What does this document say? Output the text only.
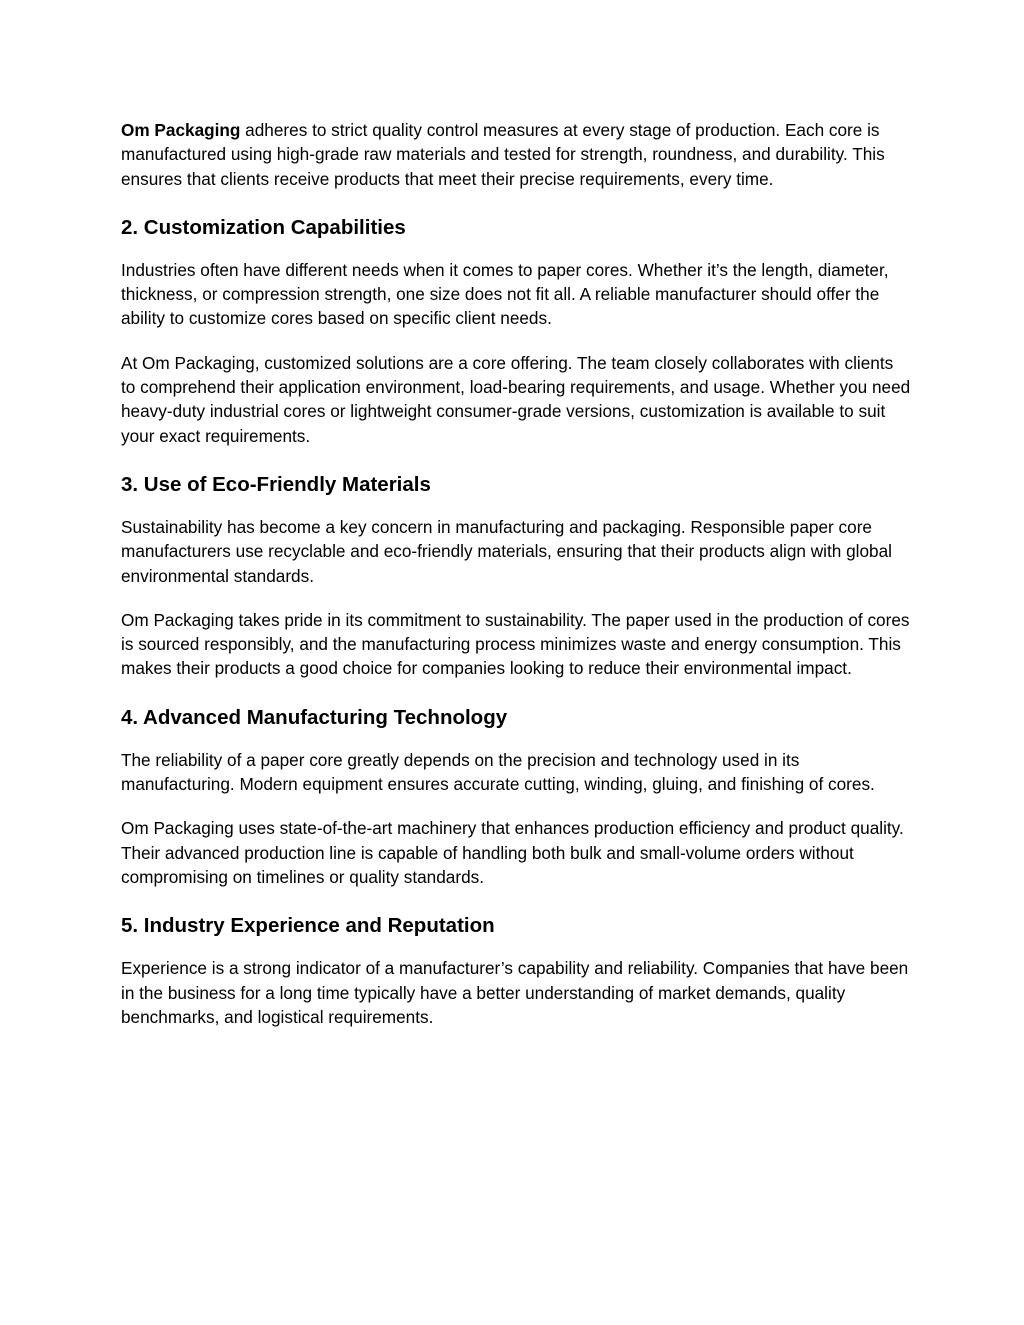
Om Packaging adheres to strict quality control measures at every stage of production. Each core is manufactured using high-grade raw materials and tested for strength, roundness, and durability. This ensures that clients receive products that meet their precise requirements, every time.

2. Customization Capabilities

Industries often have different needs when it comes to paper cores. Whether it’s the length, diameter, thickness, or compression strength, one size does not fit all. A reliable manufacturer should offer the ability to customize cores based on specific client needs.

At Om Packaging, customized solutions are a core offering. The team closely collaborates with clients to comprehend their application environment, load-bearing requirements, and usage. Whether you need heavy-duty industrial cores or lightweight consumer-grade versions, customization is available to suit your exact requirements.

3. Use of Eco-Friendly Materials

Sustainability has become a key concern in manufacturing and packaging. Responsible paper core manufacturers use recyclable and eco-friendly materials, ensuring that their products align with global environmental standards.

Om Packaging takes pride in its commitment to sustainability. The paper used in the production of cores is sourced responsibly, and the manufacturing process minimizes waste and energy consumption. This makes their products a good choice for companies looking to reduce their environmental impact.

4. Advanced Manufacturing Technology

The reliability of a paper core greatly depends on the precision and technology used in its manufacturing. Modern equipment ensures accurate cutting, winding, gluing, and finishing of cores.

Om Packaging uses state-of-the-art machinery that enhances production efficiency and product quality. Their advanced production line is capable of handling both bulk and small-volume orders without compromising on timelines or quality standards.

5. Industry Experience and Reputation

Experience is a strong indicator of a manufacturer’s capability and reliability. Companies that have been in the business for a long time typically have a better understanding of market demands, quality benchmarks, and logistical requirements.
